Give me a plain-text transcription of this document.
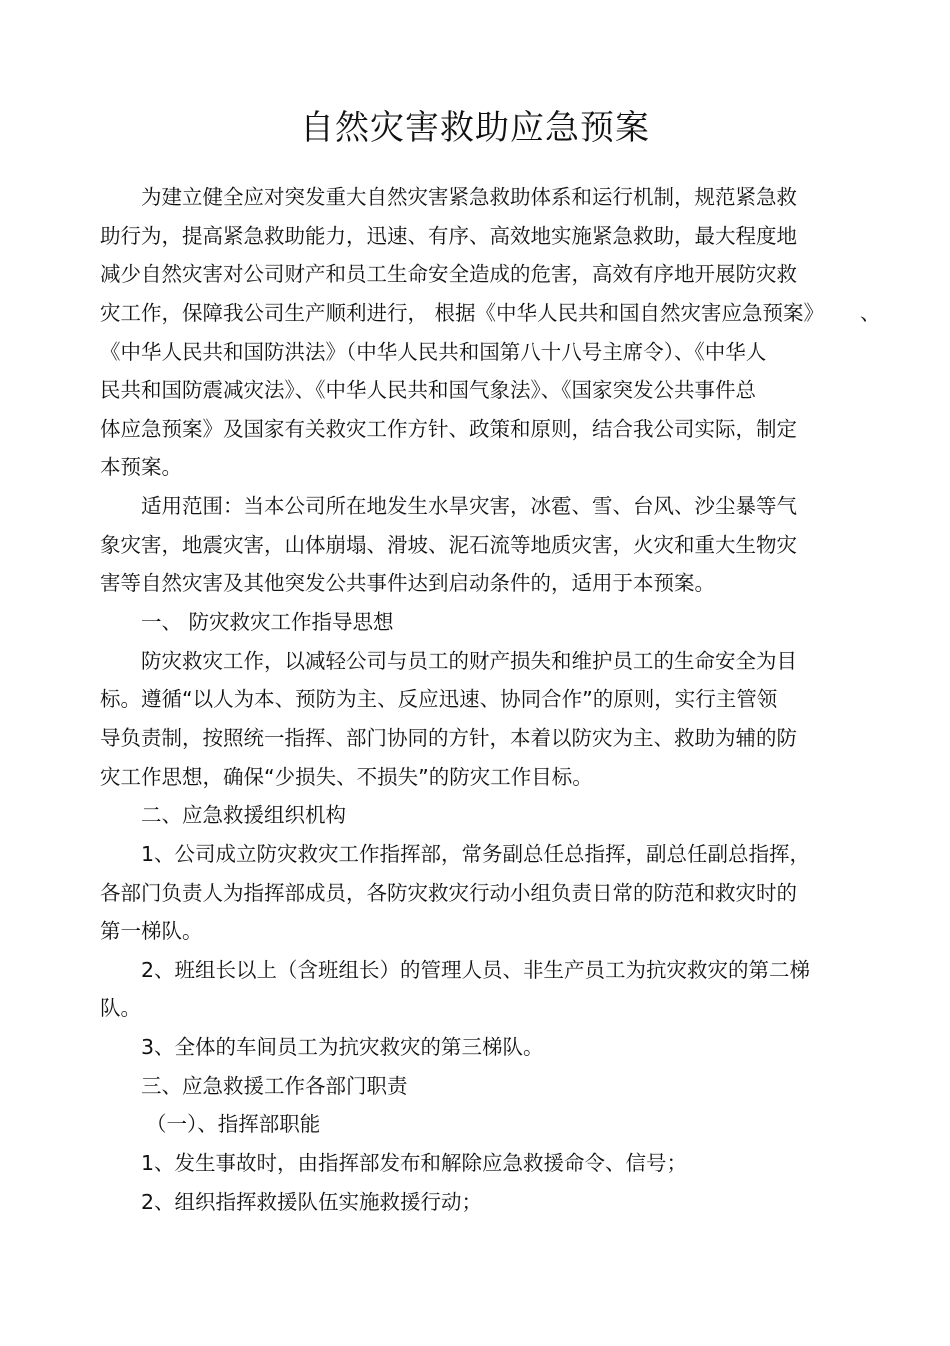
自然灾害救助应急预案

为建立健全应对突发重大自然灾害紧急救助体系和运行机制，规范紧急救

助行为，提高紧急救助能力，迅速、有序、高效地实施紧急救助，最大程度地

减少自然灾害对公司财产和员工生命安全造成的危害，高效有序地开展防灾救

灾工作，保障我公司生产顺利进行， 根据《中华人民共和国自然灾害应急预案》

《中华人民共和国防洪法》（中华人民共和国第八十八号主席令）、《中华人

民共和国防震减灾法》、《中华人民共和国气象法》、《国家突发公共事件总

体应急预案》及国家有关救灾工作方针、政策和原则，结合我公司实际，制定

本预案。

适用范围：当本公司所在地发生水旱灾害，冰雹、雪、台风、沙尘暴等气

象灾害，地震灾害，山体崩塌、滑坡、泥石流等地质灾害，火灾和重大生物灾

害等自然灾害及其他突发公共事件达到启动条件的，适用于本预案。

一、 防灾救灾工作指导思想

防灾救灾工作，以减轻公司与员工的财产损失和维护员工的生命安全为目

标。遵循“以人为本、预防为主、反应迅速、协同合作”的原则，实行主管领

导负责制，按照统一指挥、部门协同的方针，本着以防灾为主、救助为辅的防

灾工作思想，确保“少损失、不损失”的防灾工作目标。

二、应急救援组织机构

1、公司成立防灾救灾工作指挥部，常务副总任总指挥，副总任副总指挥，

各部门负责人为指挥部成员，各防灾救灾行动小组负责日常的防范和救灾时的

第一梯队。

2、班组长以上（含班组长）的管理人员、非生产员工为抗灾救灾的第二梯

队。

3、全体的车间员工为抗灾救灾的第三梯队。

三、应急救援工作各部门职责

（一）、指挥部职能

1、发生事故时，由指挥部发布和解除应急救援命令、信号；

2、组织指挥救援队伍实施救援行动；

、
